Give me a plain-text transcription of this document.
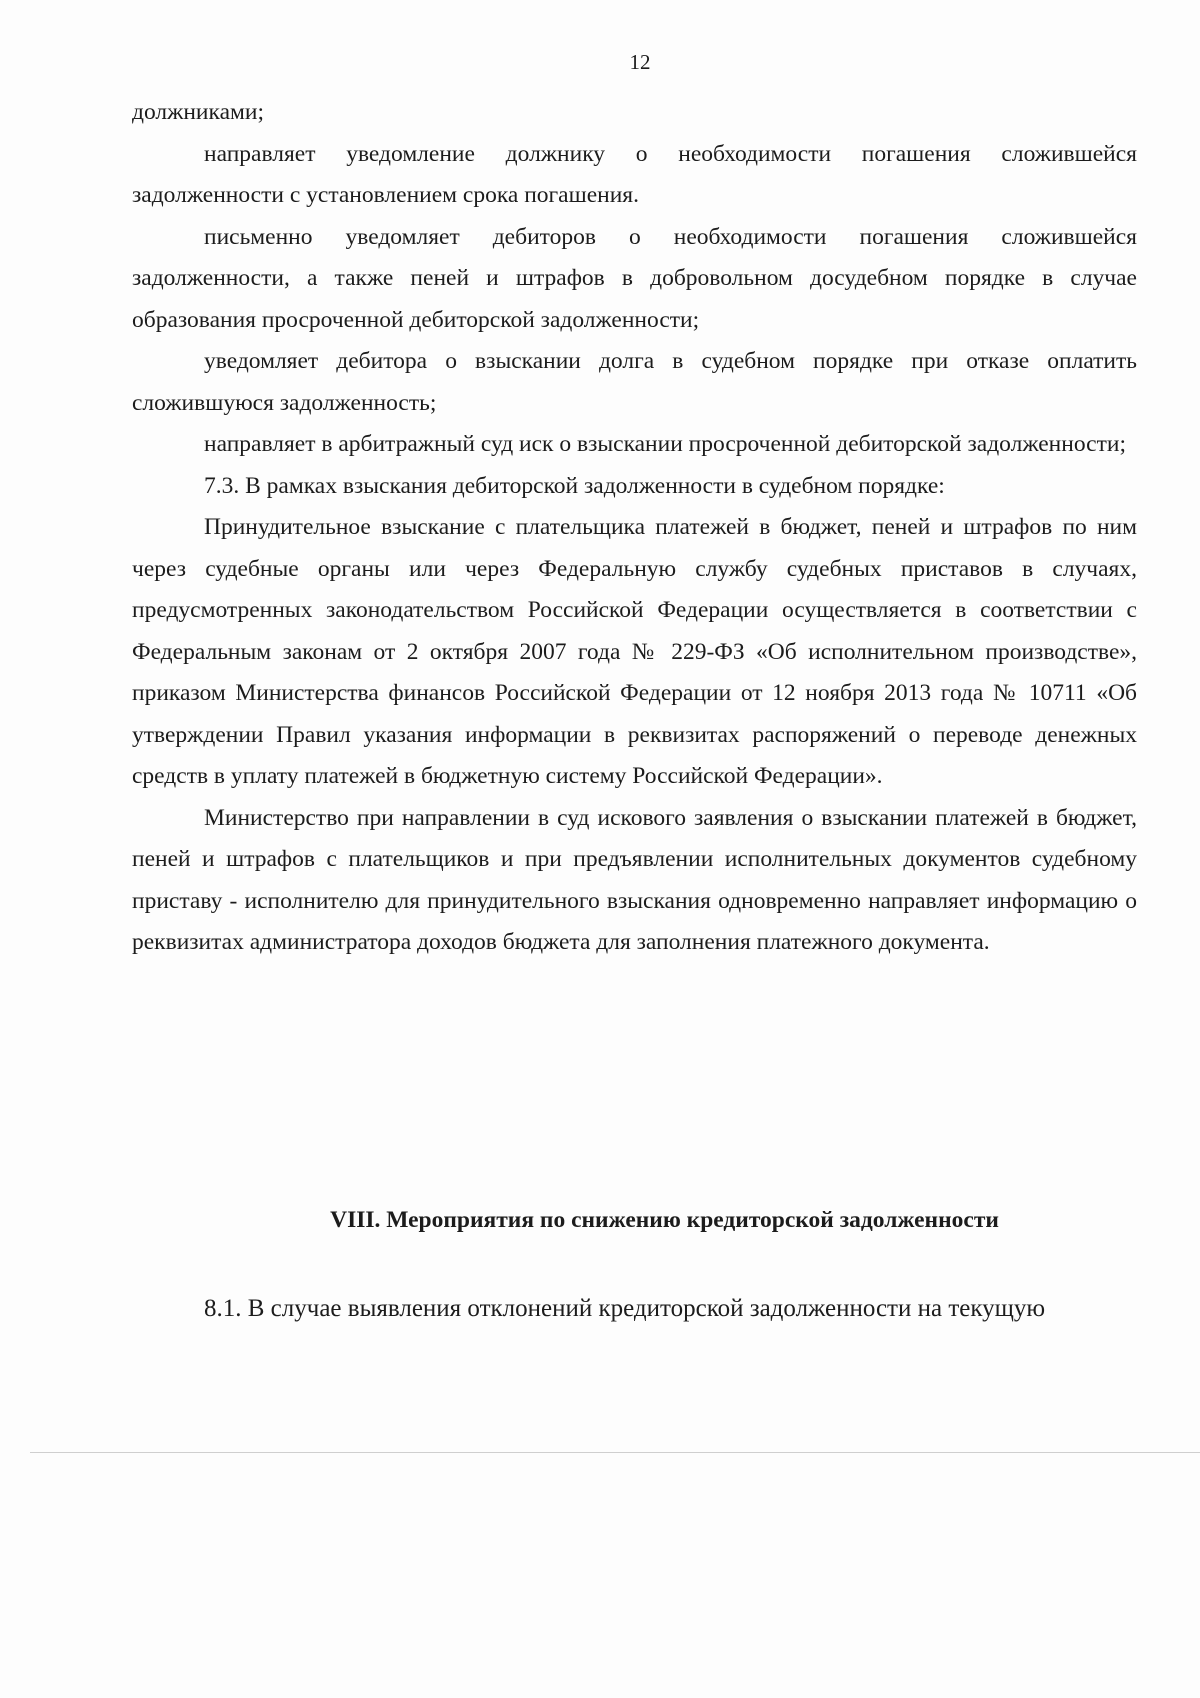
12

должниками;

направляет уведомление должнику о необходимости погашения сложившейся задолженности с установлением срока погашения.

письменно уведомляет дебиторов о необходимости погашения сложившейся задолженности, а также пеней и штрафов в добровольном досудебном порядке в случае образования просроченной дебиторской задолженности;

уведомляет дебитора о взыскании долга в судебном порядке при отказе оплатить сложившуюся задолженность;

направляет в арбитражный суд иск о взыскании просроченной дебиторской задолженности;

7.3. В рамках взыскания дебиторской задолженности в судебном порядке:

Принудительное взыскание с плательщика платежей в бюджет, пеней и штрафов по ним через судебные органы или через Федеральную службу судебных приставов в случаях, предусмотренных законодательством Российской Федерации осуществляется в соответствии с Федеральным законам от 2 октября 2007 года № 229-ФЗ «Об исполнительном производстве», приказом Министерства финансов Российской Федерации от 12 ноября 2013 года № 10711 «Об утверждении Правил указания информации в реквизитах распоряжений о переводе денежных средств в уплату платежей в бюджетную систему Российской Федерации».

Министерство при направлении в суд искового заявления о взыскании платежей в бюджет, пеней и штрафов с плательщиков и при предъявлении исполнительных документов судебному приставу - исполнителю для принудительного взыскания одновременно направляет информацию о реквизитах администратора доходов бюджета для заполнения платежного документа.

VIII. Мероприятия по снижению кредиторской задолженности
8.1. В случае выявления отклонений кредиторской задолженности на текущую
